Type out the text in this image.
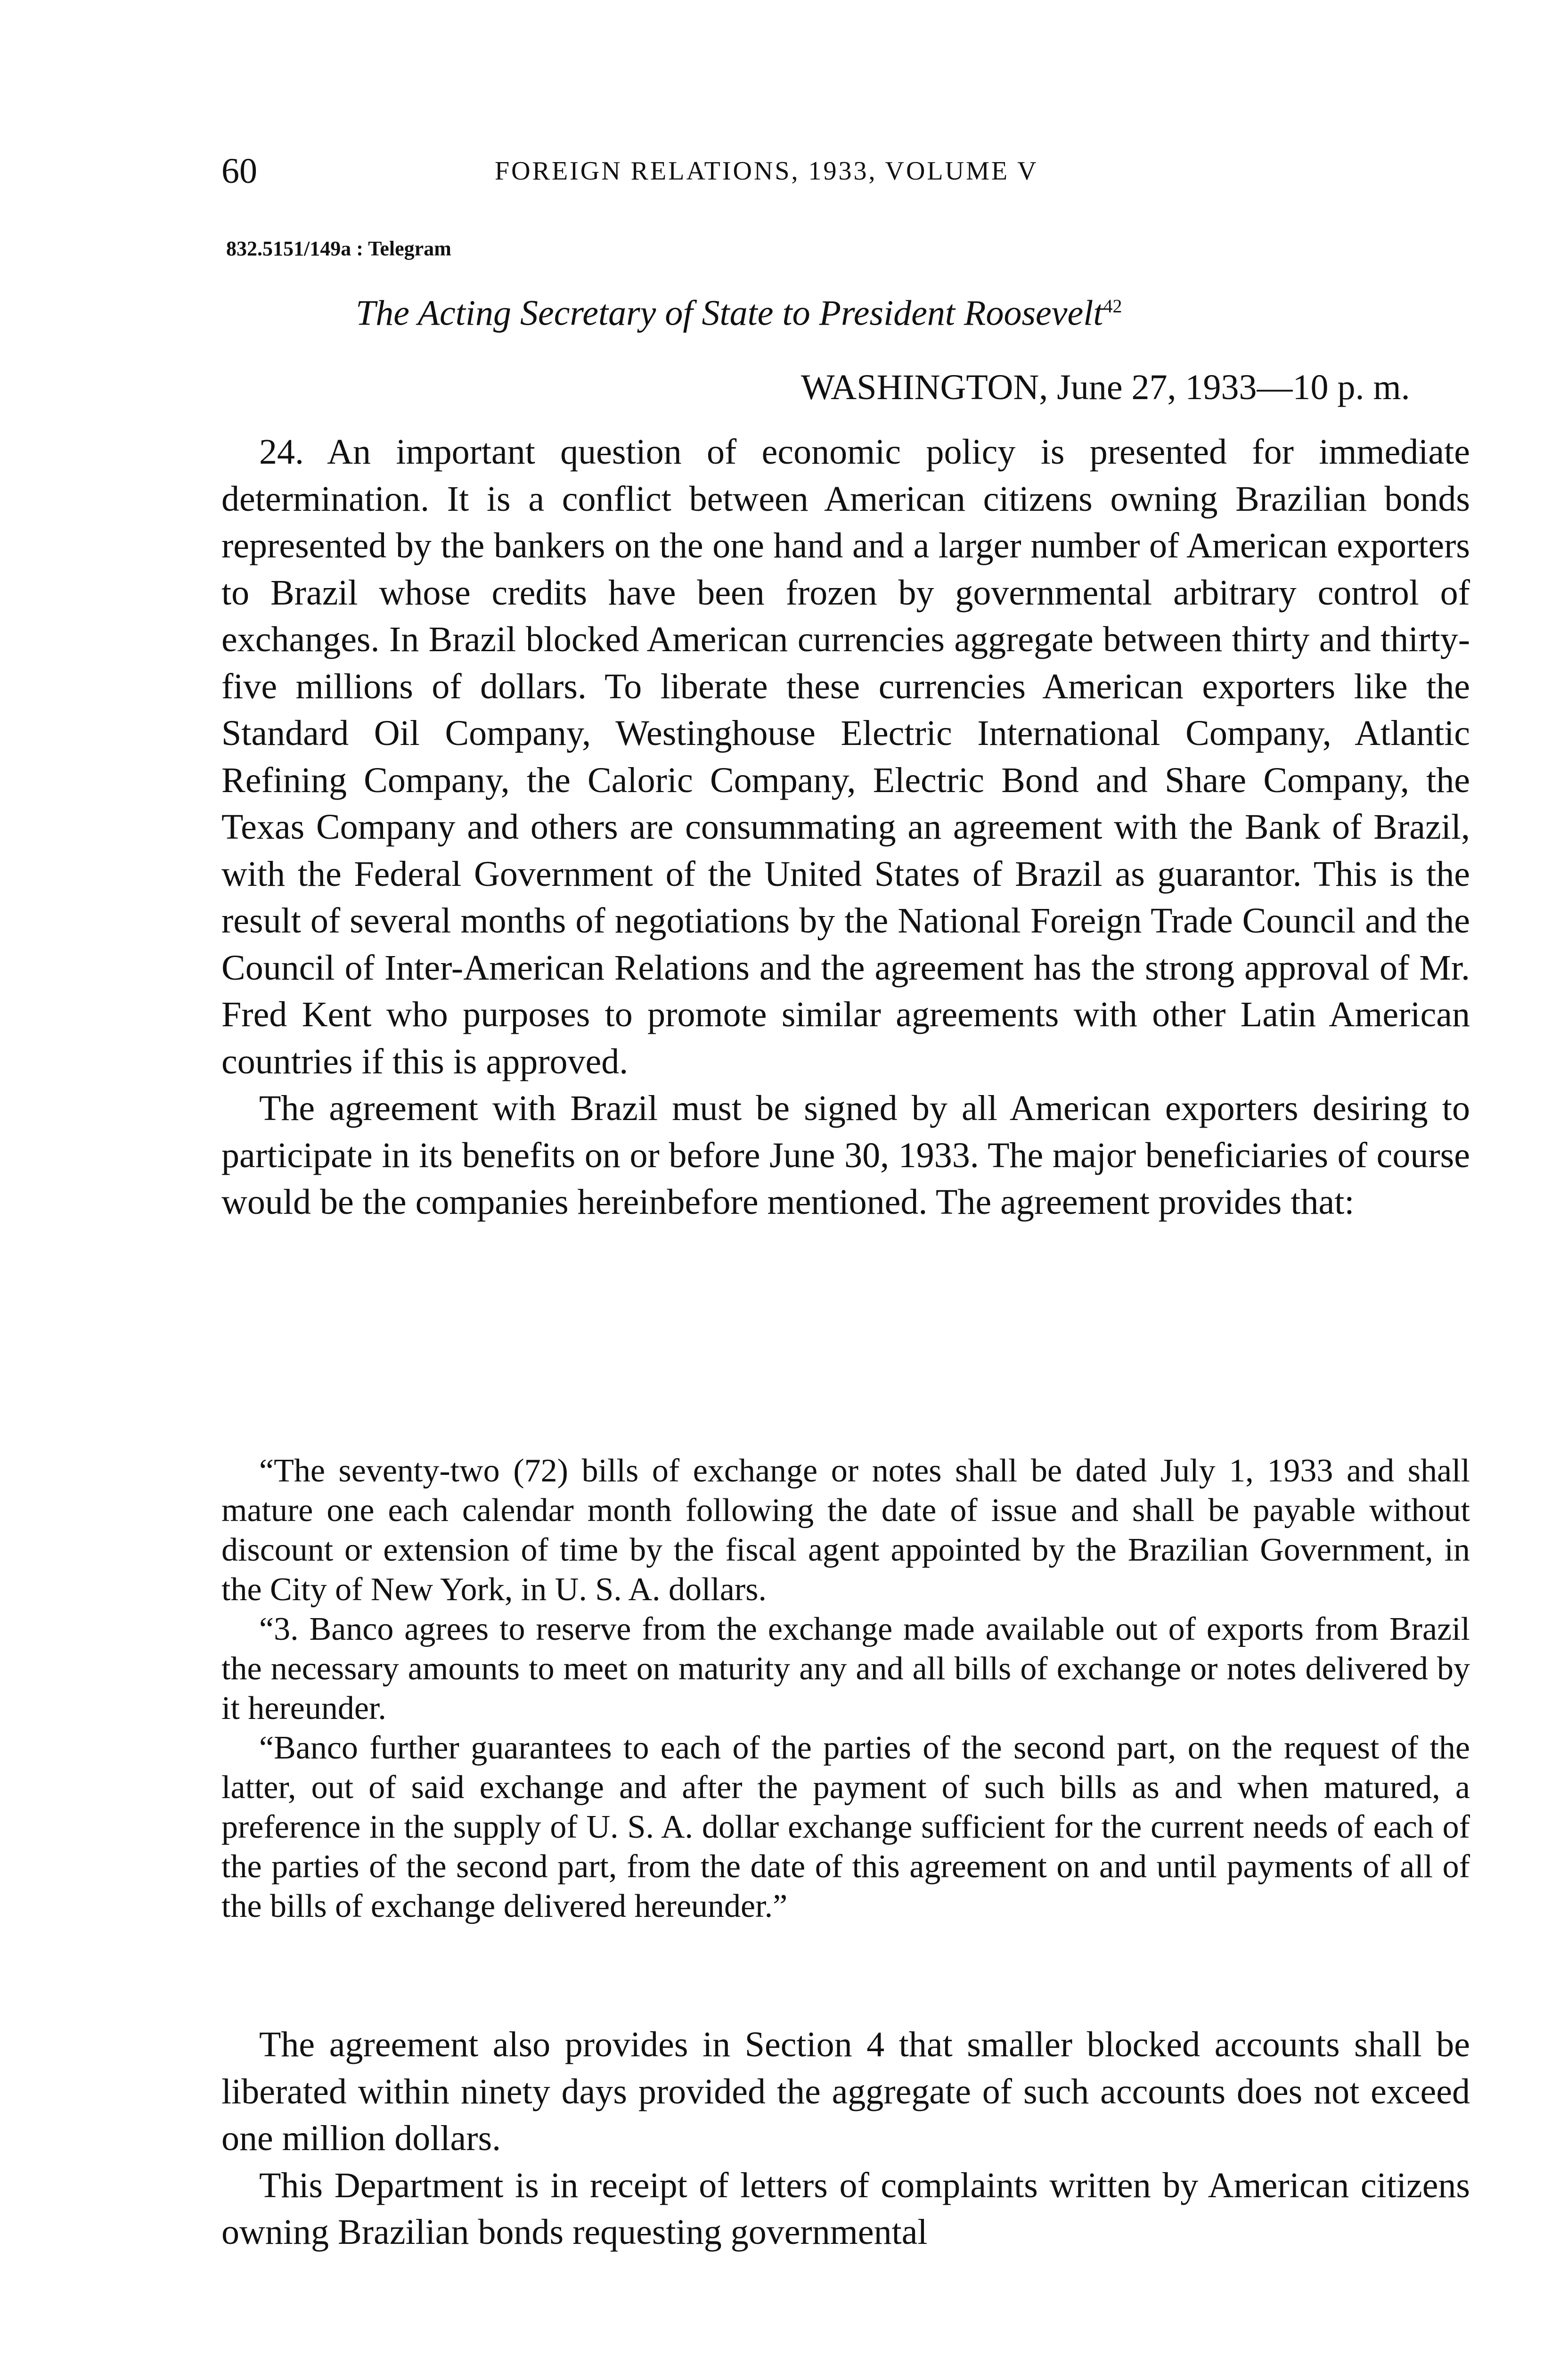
60	FOREIGN RELATIONS, 1933, VOLUME V
832.5151/149a : Telegram
The Acting Secretary of State to President Roosevelt$^{42}$
WASHINGTON, June 27, 1933—10 p. m.

24. An important question of economic policy is presented for immediate determination. It is a conflict between American citizens owning Brazilian bonds represented by the bankers on the one hand and a larger number of American exporters to Brazil whose credits have been frozen by governmental arbitrary control of exchanges. In Brazil blocked American currencies aggregate between thirty and thirty-five millions of dollars. To liberate these currencies American exporters like the Standard Oil Company, Westinghouse Electric International Company, Atlantic Refining Company, the Caloric Company, Electric Bond and Share Company, the Texas Company and others are consummating an agreement with the Bank of Brazil, with the Federal Government of the United States of Brazil as guarantor. This is the result of several months of negotiations by the National Foreign Trade Council and the Council of Inter-American Relations and the agreement has the strong approval of Mr. Fred Kent who purposes to promote similar agreements with other Latin American countries if this is approved.

The agreement with Brazil must be signed by all American exporters desiring to participate in its benefits on or before June 30, 1933. The major beneficiaries of course would be the companies hereinbefore mentioned. The agreement provides that:

“The seventy-two (72) bills of exchange or notes shall be dated July 1, 1933 and shall mature one each calendar month following the date of issue and shall be payable without discount or extension of time by the fiscal agent appointed by the Brazilian Government, in the City of New York, in U. S. A. dollars.

“3. Banco agrees to reserve from the exchange made available out of exports from Brazil the necessary amounts to meet on maturity any and all bills of exchange or notes delivered by it hereunder.

“Banco further guarantees to each of the parties of the second part, on the request of the latter, out of said exchange and after the payment of such bills as and when matured, a preference in the supply of U. S. A. dollar exchange sufficient for the current needs of each of the parties of the second part, from the date of this agreement on and until payments of all of the bills of exchange delivered hereunder.”

The agreement also provides in Section 4 that smaller blocked accounts shall be liberated within ninety days provided the aggregate of such accounts does not exceed one million dollars.

This Department is in receipt of letters of complaints written by American citizens owning Brazilian bonds requesting governmental
